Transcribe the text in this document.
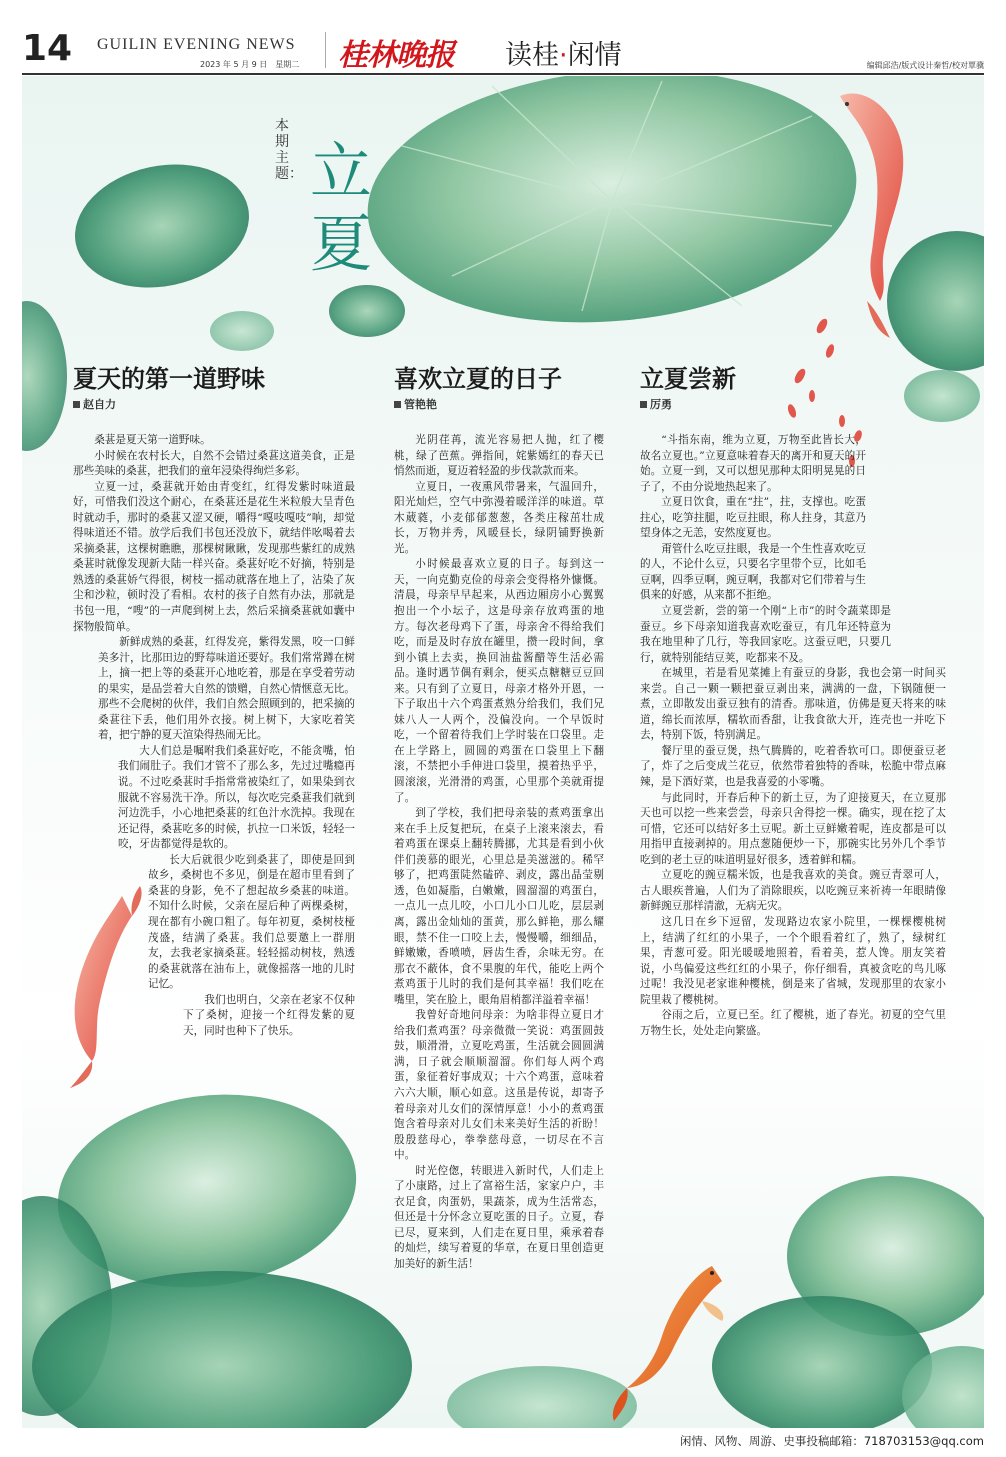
14 GUILIN EVENING NEWS
2023 年 5 月 9 日　星期二 桂林晚报 读桂·闲情	编辑邱浩/版式设计秦哲/校对覃骥
本期主题： 立夏
夏天的第一道野味
赵自力

桑葚是夏天第一道野味。

小时候在农村长大，自然不会错过桑葚这道美食，正是那些美味的桑葚，把我们的童年浸染得绚烂多彩。

立夏一过，桑葚就开始由青变红，红得发紫时味道最好，可惜我们没这个耐心，在桑葚还是花生米粒般大呈青色时就动手，那时的桑葚又涩又硬，嚼得“嘎吱嘎吱”响，却觉得味道还不错。放学后我们书包还没放下，就结伴吆喝着去采摘桑葚，这棵树瞧瞧，那棵树瞅瞅，发现那些紫红的成熟桑葚时就像发现新大陆一样兴奋。桑葚好吃不好摘，特别是熟透的桑葚娇气得很，树枝一摇动就落在地上了，沾染了灰尘和沙粒，顿时没了看相。农村的孩子自然有办法，那就是书包一甩，“嗖”的一声爬到树上去，然后采摘桑葚就如囊中探物般简单。

新鲜成熟的桑葚，红得发亮，紫得发黑，咬一口鲜美多汁，比那田边的野莓味道还要好。我们常常蹲在树上，摘一把上等的桑葚开心地吃着，那是在享受着劳动的果实，是品尝着大自然的馈赠，自然心情惬意无比。那些不会爬树的伙伴，我们自然会照顾到的，把采摘的桑葚往下丢，他们用外衣接。树上树下，大家吃着笑着，把宁静的夏天渲染得热闹无比。

大人们总是嘱咐我们桑葚好吃，不能贪嘴，怕我们闹肚子。我们才管不了那么多，先过过嘴瘾再说。不过吃桑葚时手指常常被染红了，如果染到衣服就不容易洗干净。所以，每次吃完桑葚我们就到河边洗手，小心地把桑葚的红色汁水洗掉。我现在还记得，桑葚吃多的时候，扒拉一口米饭，轻轻一咬，牙齿都觉得是软的。

长大后就很少吃到桑葚了，即使是回到故乡，桑树也不多见，倒是在超市里看到了桑葚的身影，免不了想起故乡桑葚的味道。不知什么时候，父亲在屋后种了两棵桑树，现在都有小碗口粗了。每年初夏，桑树枝桠茂盛，结满了桑葚。我们总要邀上一群朋友，去我老家摘桑葚。轻轻摇动树枝，熟透的桑葚就落在油布上，就像摇落一地的儿时记忆。

我们也明白，父亲在老家不仅种下了桑树，迎接一个红得发紫的夏天，同时也种下了快乐。

喜欢立夏的日子
管艳艳

光阴荏苒，流光容易把人抛，红了樱桃，绿了芭蕉。弹指间，姹紫嫣红的春天已悄然而逝，夏迈着轻盈的步伐款款而来。

立夏日，一夜熏风带暑来，气温回升，阳光灿烂，空气中弥漫着暖洋洋的味道。草木葳蕤，小麦郁郁葱葱，各类庄稼茁壮成长，万物并秀，风暖昼长，绿阴铺野换新光。

小时候最喜欢立夏的日子。每到这一天，一向克勤克俭的母亲会变得格外慷慨。清晨，母亲早早起来，从西边厢房小心翼翼抱出一个小坛子，这是母亲存放鸡蛋的地方。每次老母鸡下了蛋，母亲舍不得给我们吃，而是及时存放在罐里，攒一段时间，拿到小镇上去卖，换回油盐酱醋等生活必需品。逢时遇节偶有剩余，便买点糖糖豆豆回来。只有到了立夏日，母亲才格外开恩，一下子取出十六个鸡蛋煮熟分给我们，我们兄妹八人一人两个，没偏没向。一个早饭时吃，一个留着待我们上学时装在口袋里。走在上学路上，圆圆的鸡蛋在口袋里上下翻滚，不禁把小手伸进口袋里，摸着热乎乎，圆滚滚，光滑滑的鸡蛋，心里那个美就甭提了。

到了学校，我们把母亲装的煮鸡蛋拿出来在手上反复把玩，在桌子上滚来滚去，看着鸡蛋在课桌上翻转腾挪，尤其是看到小伙伴们羡慕的眼光，心里总是美滋滋的。稀罕够了，把鸡蛋陡然磕碎、剥皮，露出晶莹剔透，色如凝脂，白嫩嫩，圆溜溜的鸡蛋白，一点儿一点儿咬，小口儿小口儿吃，层层剥离，露出金灿灿的蛋黄，那么鲜艳，那么耀眼，禁不住一口咬上去，慢慢嚼，细细品，鲜嫩嫩，香喷喷，唇齿生香，余味无穷。在那衣不蔽体，食不果腹的年代，能吃上两个煮鸡蛋于儿时的我们是何其幸福！我们吃在嘴里，笑在脸上，眼角眉梢都洋溢着幸福！

我曾好奇地问母亲：为啥非得立夏日才给我们煮鸡蛋？母亲微微一笑说：鸡蛋圆鼓鼓，顺滑滑，立夏吃鸡蛋，生活就会圆圆满满，日子就会顺顺溜溜。你们每人两个鸡蛋，象征着好事成双；十六个鸡蛋，意味着六六大顺，顺心如意。这虽是传说，却寄予着母亲对儿女们的深情厚意！小小的煮鸡蛋饱含着母亲对儿女们未来美好生活的祈盼！殷殷慈母心，拳拳慈母意，一切尽在不言中。

时光倥偬，转眼进入新时代，人们走上了小康路，过上了富裕生活，家家户户，丰衣足食，肉蛋奶，果蔬茶，成为生活常态，但还是十分怀念立夏吃蛋的日子。立夏，春已尽，夏来到，人们走在夏日里，乘承着春的灿烂，续写着夏的华章，在夏日里创造更加美好的新生活！

立夏尝新
厉勇

“斗指东南，维为立夏，万物至此皆长大，故名立夏也。”立夏意味着春天的离开和夏天的开始。立夏一到，又可以想见那种太阳明晃晃的日子了，不由分说地热起来了。

立夏日饮食，重在“拄”，拄，支撑也。吃蛋拄心，吃笋拄腿，吃豆拄眼，称人拄身，其意乃望身体之无恙，安然度夏也。

甭管什么吃豆拄眼，我是一个生性喜欢吃豆的人，不论什么豆，只要名字里带个豆，比如毛豆啊，四季豆啊，豌豆啊，我都对它们带着与生俱来的好感，从来都不拒绝。

立夏尝新，尝的第一个刚“上市”的时令蔬菜即是蚕豆。乡下母亲知道我喜欢吃蚕豆，有几年还特意为我在地里种了几行，等我回家吃。这蚕豆吧，只要几行，就特别能结豆荚，吃都来不及。

在城里，若是看见菜摊上有蚕豆的身影，我也会第一时间买来尝。自己一颗一颗把蚕豆剥出来，满满的一盘，下锅随便一煮，立即散发出蚕豆独有的清香。那味道，仿佛是夏天将来的味道，绵长而浓厚，糯软而香甜，让我食欲大开，连壳也一并吃下去，特别下饭，特别满足。

餐厅里的蚕豆煲，热气腾腾的，吃着香软可口。即便蚕豆老了，炸了之后变成兰花豆，依然带着独特的香味，松脆中带点麻辣，是下酒好菜，也是我喜爱的小零嘴。

与此同时，开春后种下的新土豆，为了迎接夏天，在立夏那天也可以挖一些来尝尝，母亲只舍得挖一棵。确实，现在挖了太可惜，它还可以结好多土豆呢。新土豆鲜嫩着呢，连皮都是可以用指甲直接剥掉的。用点葱随便炒一下，那碗实比另外几个季节吃到的老土豆的味道明显好很多，透着鲜和糯。

立夏吃的豌豆糯米饭，也是我喜欢的美食。豌豆青翠可人，古人眼疾普遍，人们为了消除眼疾，以吃豌豆来祈祷一年眼睛像新鲜豌豆那样清澈，无病无灾。

这几日在乡下逗留，发现路边农家小院里，一棵棵樱桃树上，结满了红红的小果子，一个个眼看着红了，熟了，绿树红果，青葱可爱。阳光暖暖地照着，看着美，惹人馋。朋友笑着说，小鸟偏爱这些红红的小果子，你仔细看，真被贪吃的鸟儿啄过呢！我没见老家谁种樱桃，倒是来了省城，发现那里的农家小院里栽了樱桃树。

谷雨之后，立夏已至。红了樱桃，逝了春光。初夏的空气里万物生长，处处走向繁盛。

闲情、风物、周游、史事投稿邮箱：718703153@qq.com
